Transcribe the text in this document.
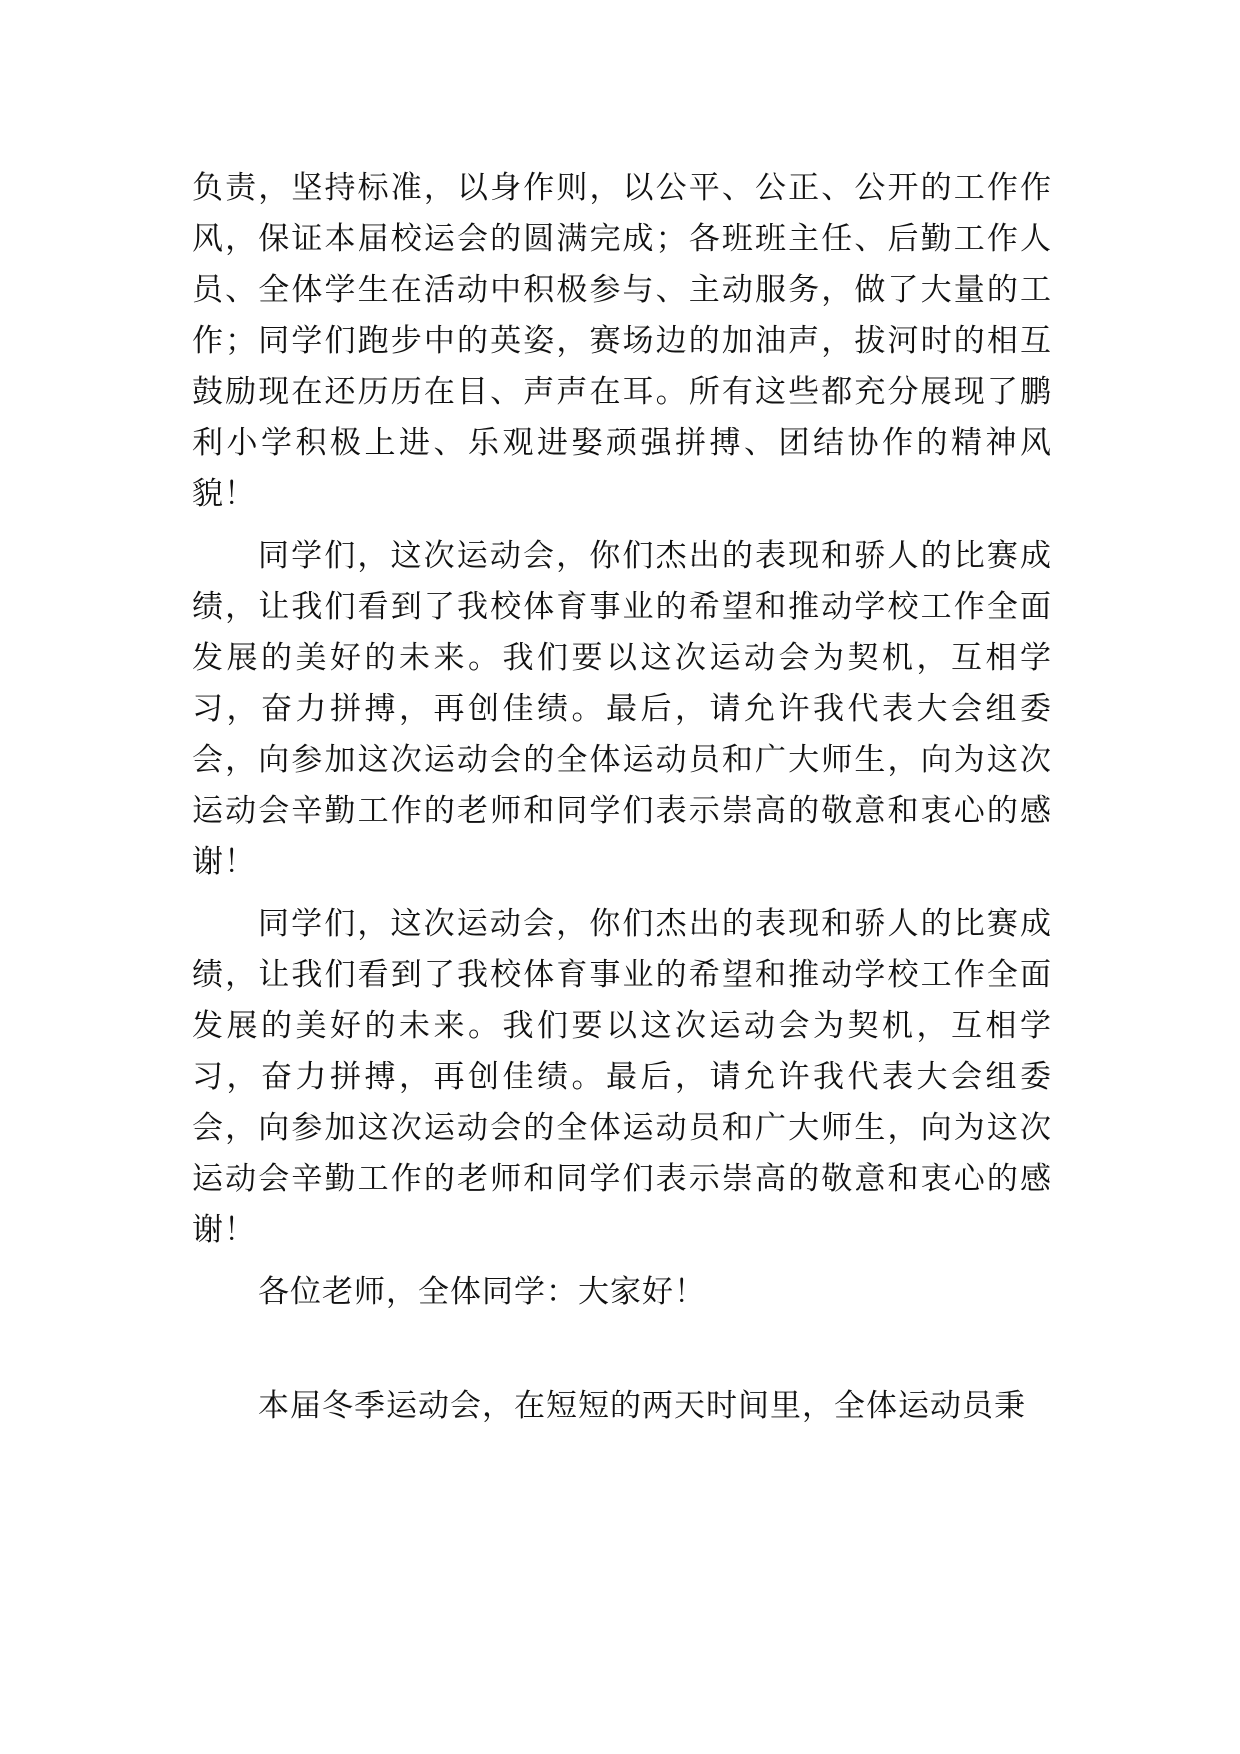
负责，坚持标准，以身作则，以公平、公正、公开的工作作风，保证本届校运会的圆满完成；各班班主任、后勤工作人员、全体学生在活动中积极参与、主动服务，做了大量的工作；同学们跑步中的英姿，赛场边的加油声，拔河时的相互鼓励现在还历历在目、声声在耳。所有这些都充分展现了鹏利小学积极上进、乐观进娶顽强拼搏、团结协作的精神风貌！

同学们，这次运动会，你们杰出的表现和骄人的比赛成绩，让我们看到了我校体育事业的希望和推动学校工作全面发展的美好的未来。我们要以这次运动会为契机，互相学习，奋力拼搏，再创佳绩。最后，请允许我代表大会组委会，向参加这次运动会的全体运动员和广大师生，向为这次运动会辛勤工作的老师和同学们表示崇高的敬意和衷心的感谢！

同学们，这次运动会，你们杰出的表现和骄人的比赛成绩，让我们看到了我校体育事业的希望和推动学校工作全面发展的美好的未来。我们要以这次运动会为契机，互相学习，奋力拼搏，再创佳绩。最后，请允许我代表大会组委会，向参加这次运动会的全体运动员和广大师生，向为这次运动会辛勤工作的老师和同学们表示崇高的敬意和衷心的感谢！

各位老师，全体同学：大家好！

本届冬季运动会，在短短的两天时间里，全体运动员秉
